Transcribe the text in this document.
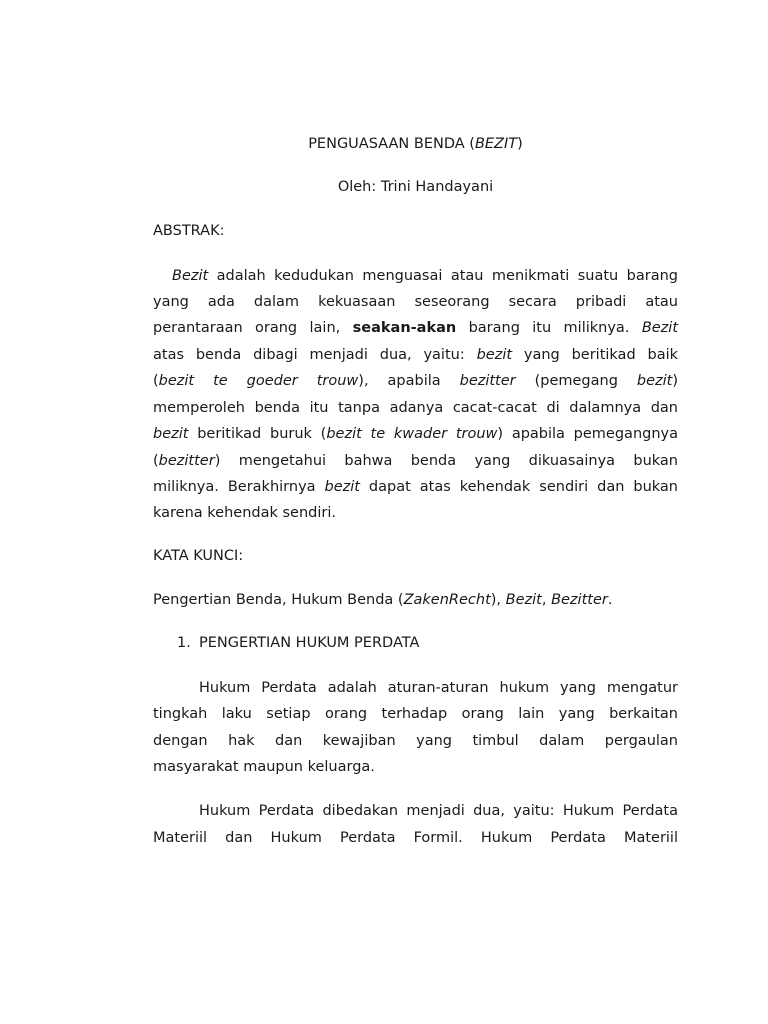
PENGUASAAN BENDA (BEZIT)
Oleh: Trini Handayani
ABSTRAK:
Bezit adalah kedudukan menguasai atau menikmati suatu barang
yang ada dalam kekuasaan seseorang secara pribadi atau
perantaraan orang lain, seakan-akan barang itu miliknya. Bezit
atas benda dibagi menjadi dua, yaitu: bezit yang beritikad baik
(bezit te goeder trouw), apabila bezitter (pemegang bezit)
memperoleh benda itu tanpa adanya cacat-cacat di dalamnya dan
bezit beritikad buruk (bezit te kwader trouw) apabila pemegangnya
(bezitter) mengetahui bahwa benda yang dikuasainya bukan
miliknya. Berakhirnya bezit dapat atas kehendak sendiri dan bukan
karena kehendak sendiri.
KATA KUNCI:
Pengertian Benda, Hukum Benda (ZakenRecht), Bezit, Bezitter.
1. PENGERTIAN HUKUM PERDATA
Hukum Perdata adalah aturan-aturan hukum yang mengatur
tingkah laku setiap orang terhadap orang lain yang berkaitan
dengan hak dan kewajiban yang timbul dalam pergaulan
masyarakat maupun keluarga.
Hukum Perdata dibedakan menjadi dua, yaitu: Hukum Perdata
Materiil dan Hukum Perdata Formil. Hukum Perdata Materiil
